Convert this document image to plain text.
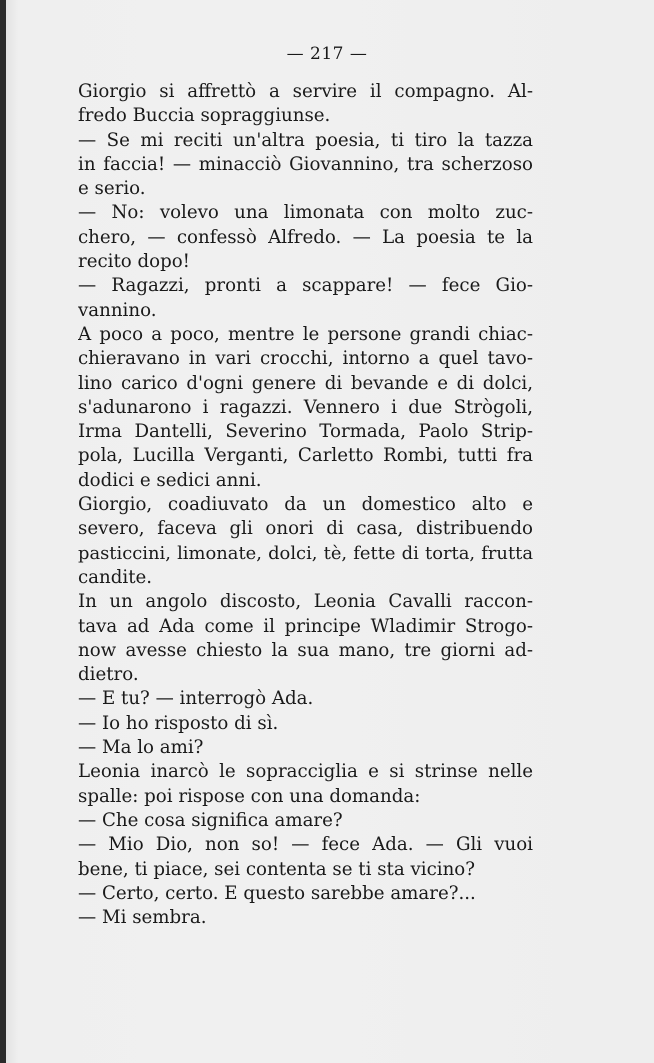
— 217 —
Giorgio si affrettò a servire il compagno. Al-
fredo Buccia sopraggiunse.
— Se mi reciti un'altra poesia, ti tiro la tazza
in faccia! — minacciò Giovannino, tra scherzoso
e serio.
— No: volevo una limonata con molto zuc-
chero, — confessò Alfredo. — La poesia te la
recito dopo!
— Ragazzi, pronti a scappare! — fece Gio-
vannino.
A poco a poco, mentre le persone grandi chiac-
chieravano in vari crocchi, intorno a quel tavo-
lino carico d'ogni genere di bevande e di dolci,
s'adunarono i ragazzi. Vennero i due Strògoli,
Irma Dantelli, Severino Tormada, Paolo Strip-
pola, Lucilla Verganti, Carletto Rombi, tutti fra
dodici e sedici anni.
Giorgio, coadiuvato da un domestico alto e
severo, faceva gli onori di casa, distribuendo
pasticcini, limonate, dolci, tè, fette di torta, frutta
candite.
In un angolo discosto, Leonia Cavalli raccon-
tava ad Ada come il principe Wladimir Strogo-
now avesse chiesto la sua mano, tre giorni ad-
dietro.
— E tu? — interrogò Ada.
— Io ho risposto di sì.
— Ma lo ami?
Leonia inarcò le sopracciglia e si strinse nelle
spalle: poi rispose con una domanda:
— Che cosa significa amare?
— Mio Dio, non so! — fece Ada. — Gli vuoi
bene, ti piace, sei contenta se ti sta vicino?
— Certo, certo. E questo sarebbe amare?...
— Mi sembra.
